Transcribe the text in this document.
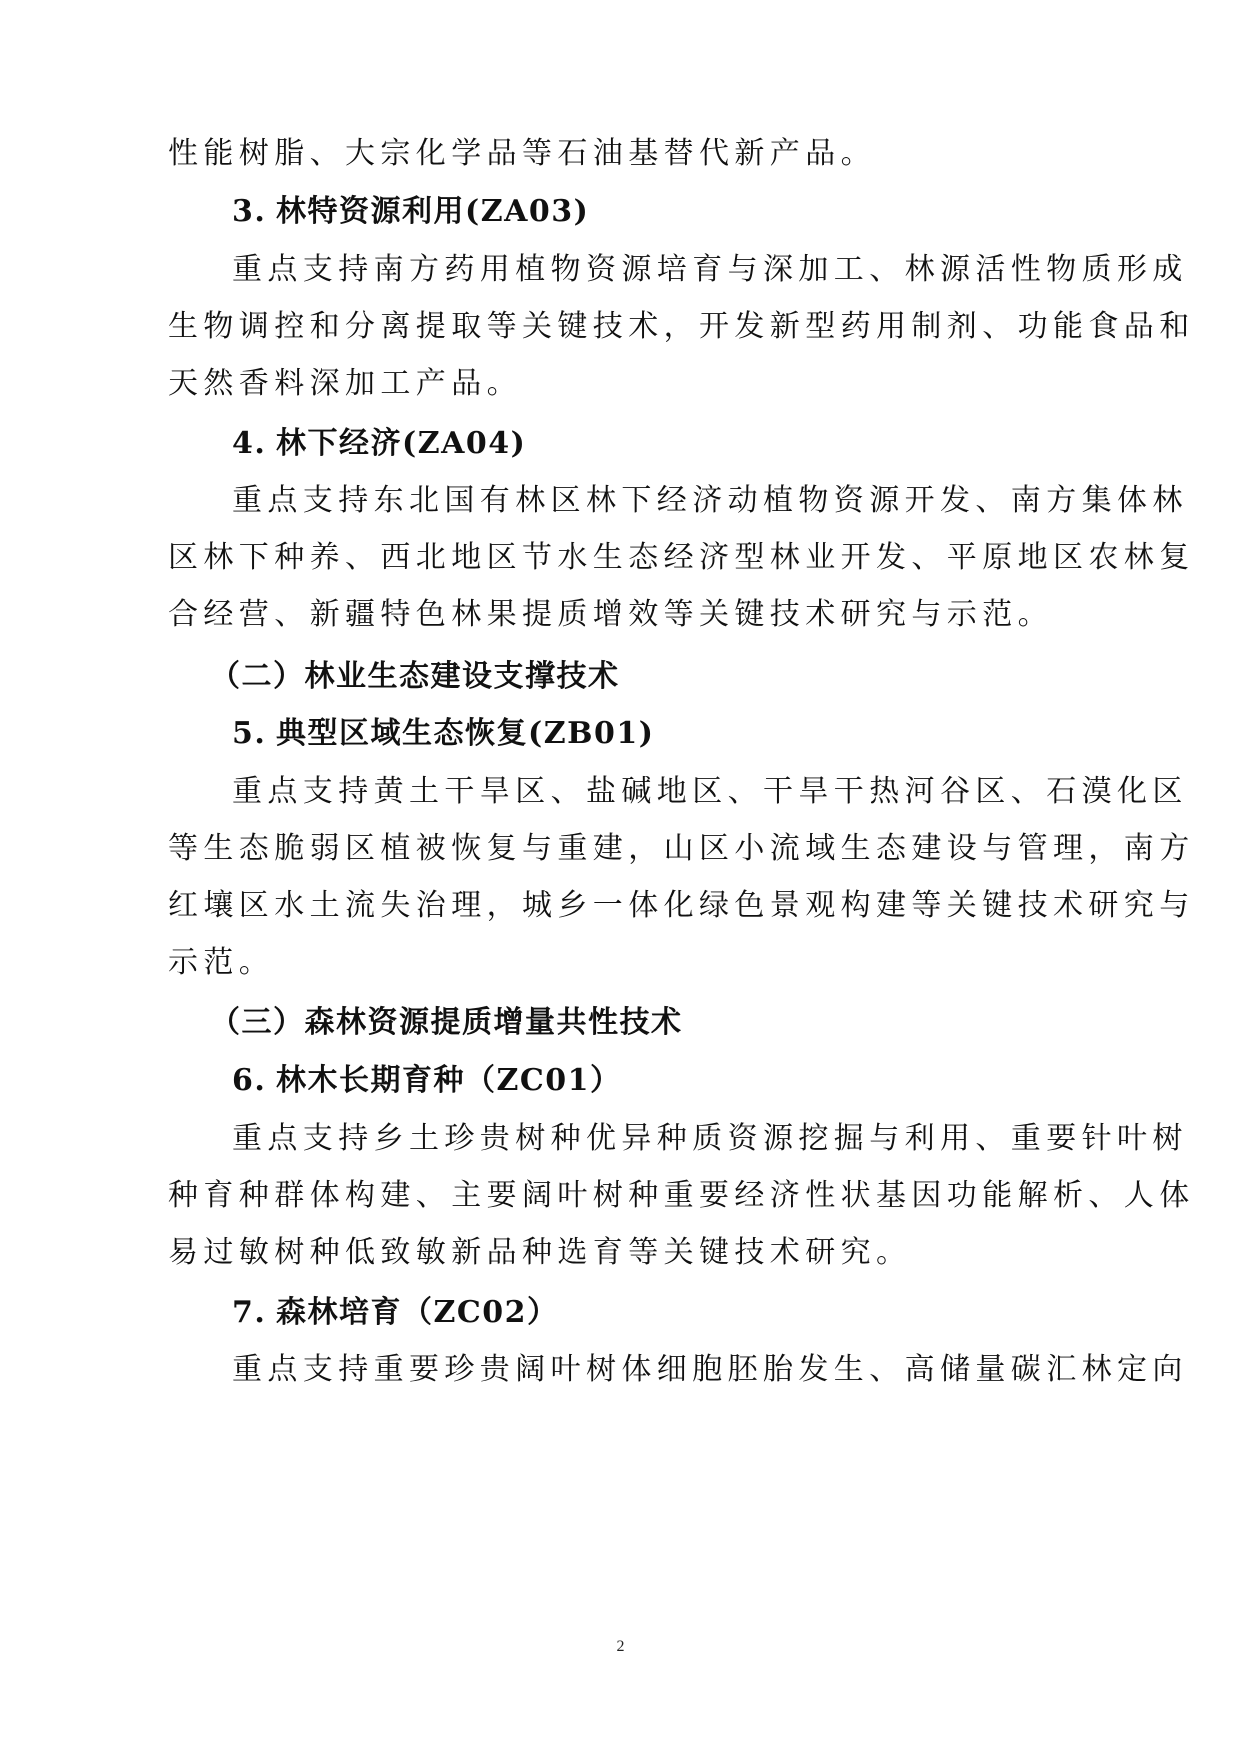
性能树脂、大宗化学品等石油基替代新产品。
3. 林特资源利用(ZA03)
重点支持南方药用植物资源培育与深加工、林源活性物质形成
生物调控和分离提取等关键技术，开发新型药用制剂、功能食品和
天然香料深加工产品。
4. 林下经济(ZA04)
重点支持东北国有林区林下经济动植物资源开发、南方集体林
区林下种养、西北地区节水生态经济型林业开发、平原地区农林复
合经营、新疆特色林果提质增效等关键技术研究与示范。
（二）林业生态建设支撑技术
5. 典型区域生态恢复(ZB01)
重点支持黄土干旱区、盐碱地区、干旱干热河谷区、石漠化区
等生态脆弱区植被恢复与重建，山区小流域生态建设与管理，南方
红壤区水土流失治理，城乡一体化绿色景观构建等关键技术研究与
示范。
（三）森林资源提质增量共性技术
6. 林木长期育种（ZC01）
重点支持乡土珍贵树种优异种质资源挖掘与利用、重要针叶树
种育种群体构建、主要阔叶树种重要经济性状基因功能解析、人体
易过敏树种低致敏新品种选育等关键技术研究。
7. 森林培育（ZC02）
重点支持重要珍贵阔叶树体细胞胚胎发生、高储量碳汇林定向
2
